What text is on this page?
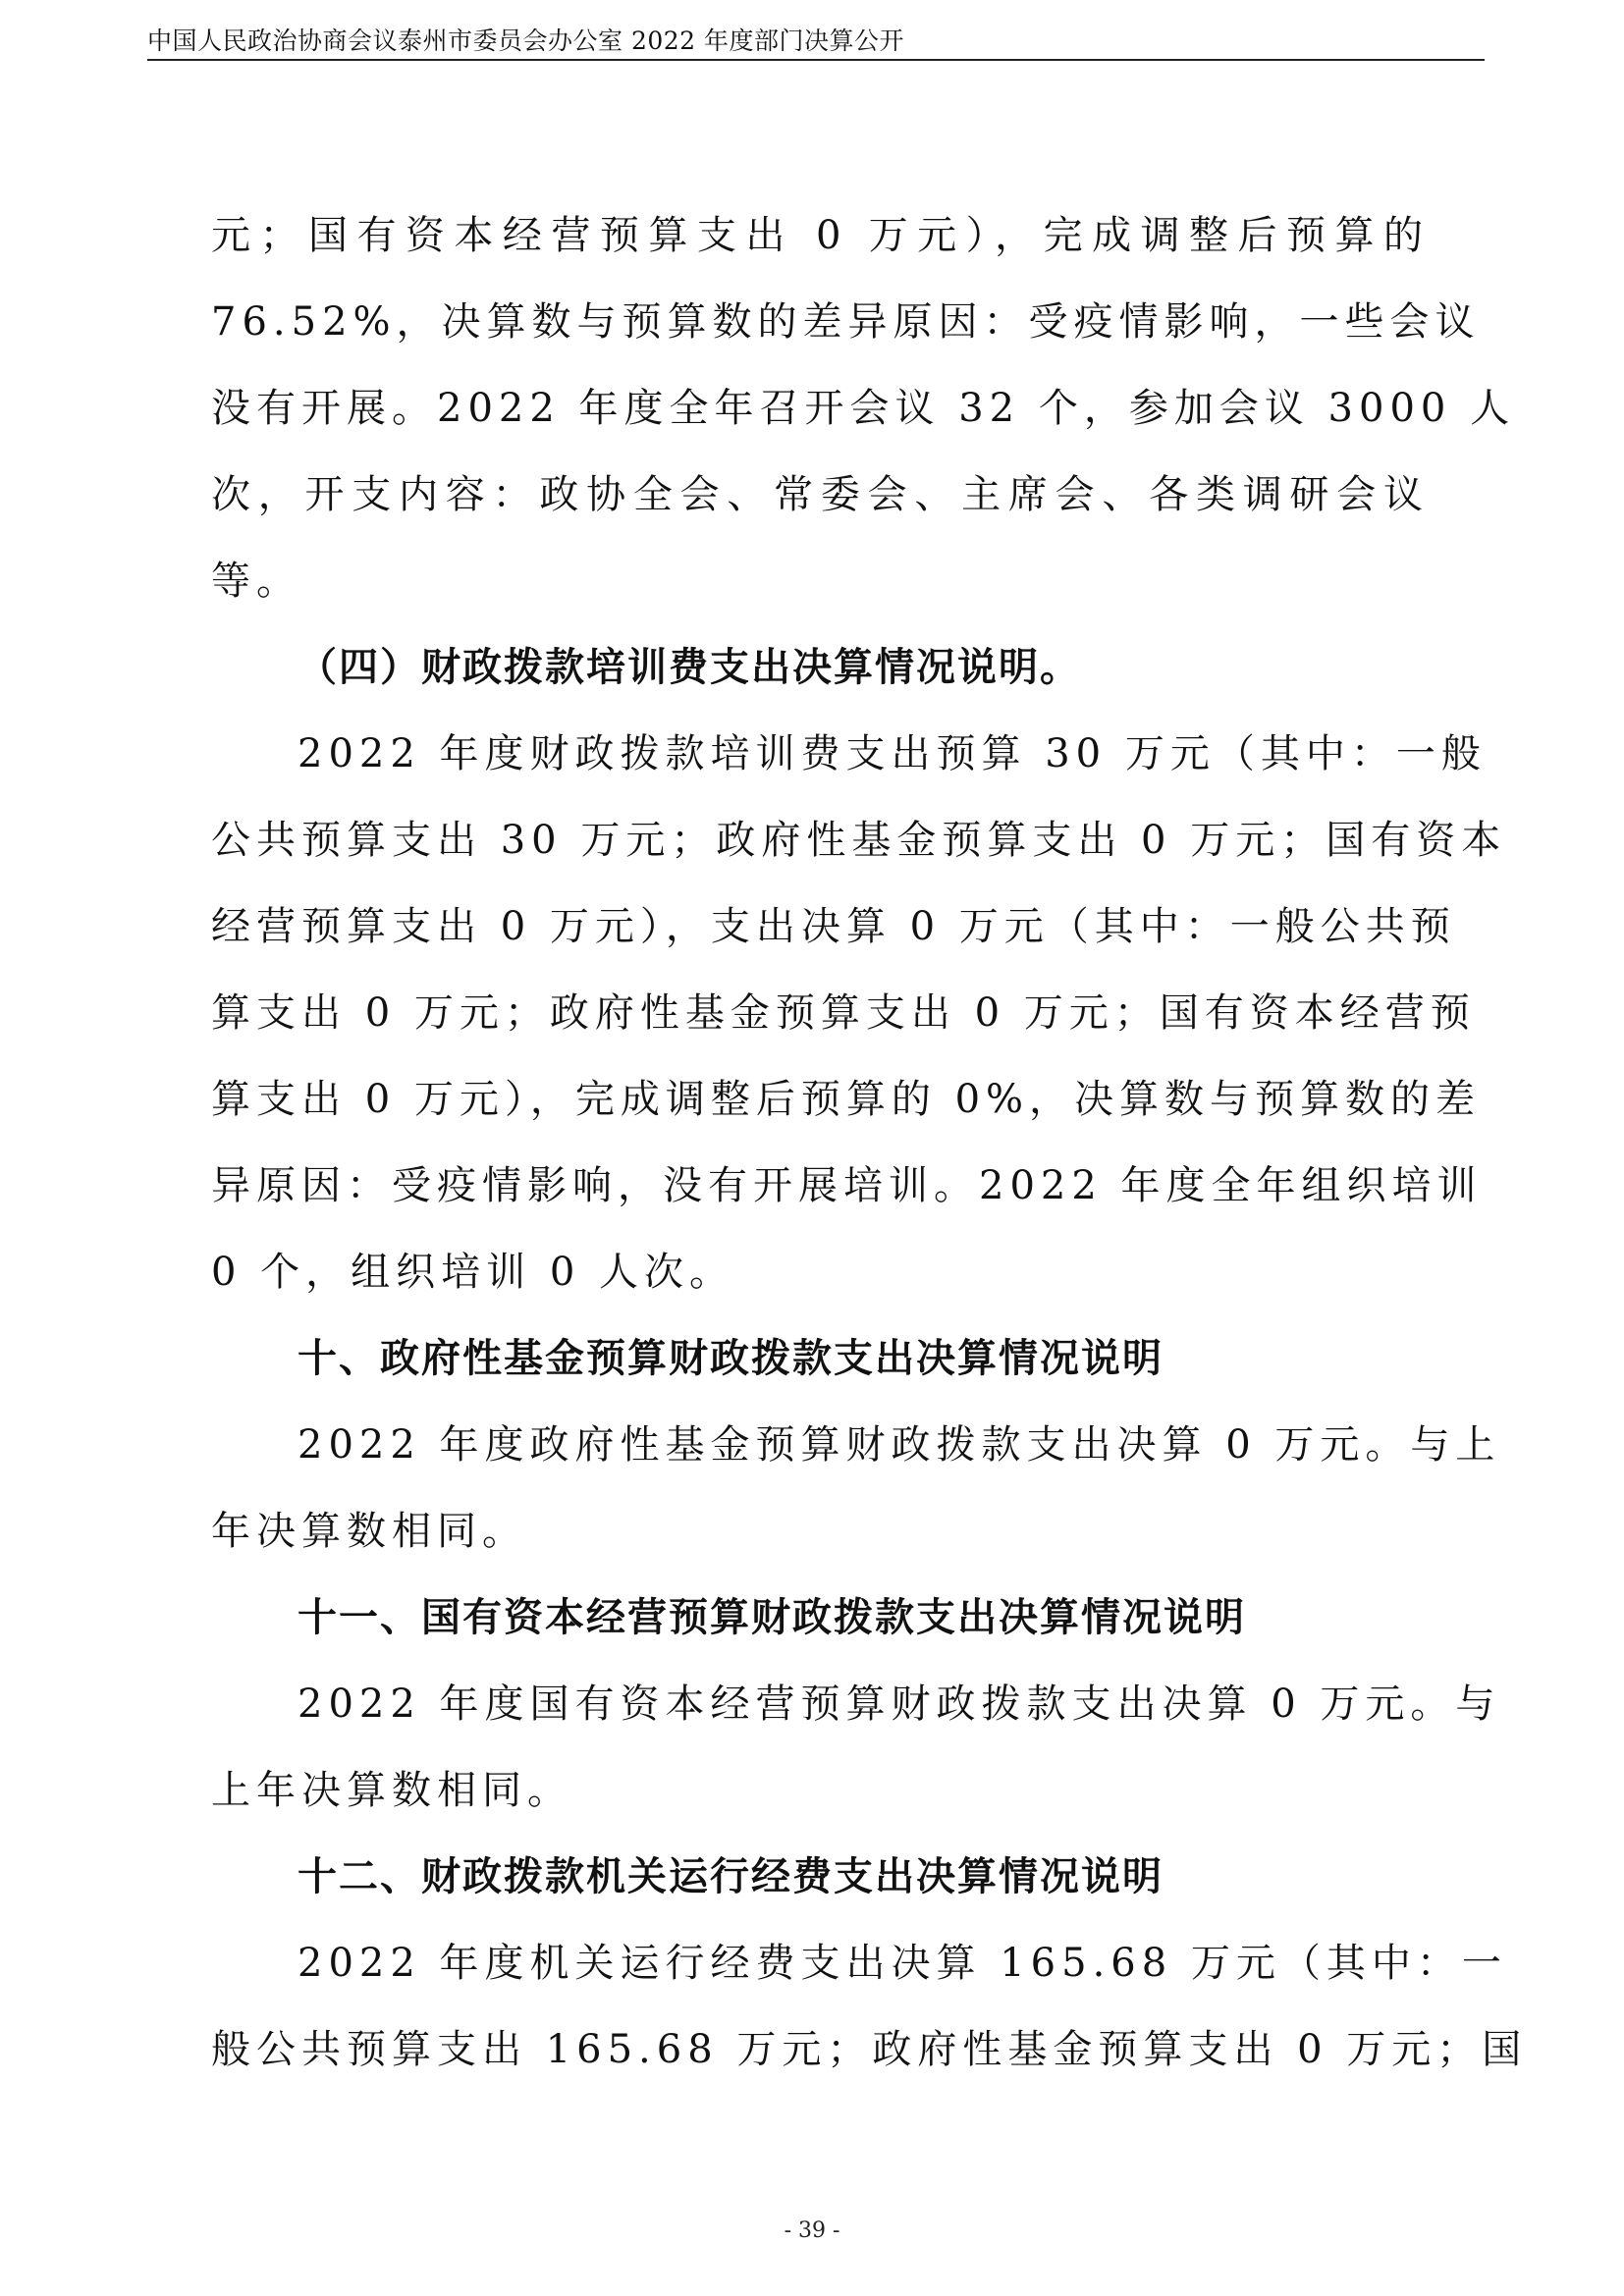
中国人民政治协商会议泰州市委员会办公室 2022 年度部门决算公开
元；国有资本经营预算支出 0 万元），完成调整后预算的
76.52%，决算数与预算数的差异原因：受疫情影响，一些会议
没有开展。2022 年度全年召开会议 32 个，参加会议 3000 人
次，开支内容：政协全会、常委会、主席会、各类调研会议
等。
（四）财政拨款培训费支出决算情况说明。
2022 年度财政拨款培训费支出预算 30 万元（其中：一般
公共预算支出 30 万元；政府性基金预算支出 0 万元；国有资本
经营预算支出 0 万元），支出决算 0 万元（其中：一般公共预
算支出 0 万元；政府性基金预算支出 0 万元；国有资本经营预
算支出 0 万元），完成调整后预算的 0%，决算数与预算数的差
异原因：受疫情影响，没有开展培训。2022 年度全年组织培训
0 个，组织培训 0 人次。
十、政府性基金预算财政拨款支出决算情况说明
2022 年度政府性基金预算财政拨款支出决算 0 万元。与上
年决算数相同。
十一、国有资本经营预算财政拨款支出决算情况说明
2022 年度国有资本经营预算财政拨款支出决算 0 万元。与
上年决算数相同。
十二、财政拨款机关运行经费支出决算情况说明
2022 年度机关运行经费支出决算 165.68 万元（其中：一
般公共预算支出 165.68 万元；政府性基金预算支出 0 万元；国
- 39 -
